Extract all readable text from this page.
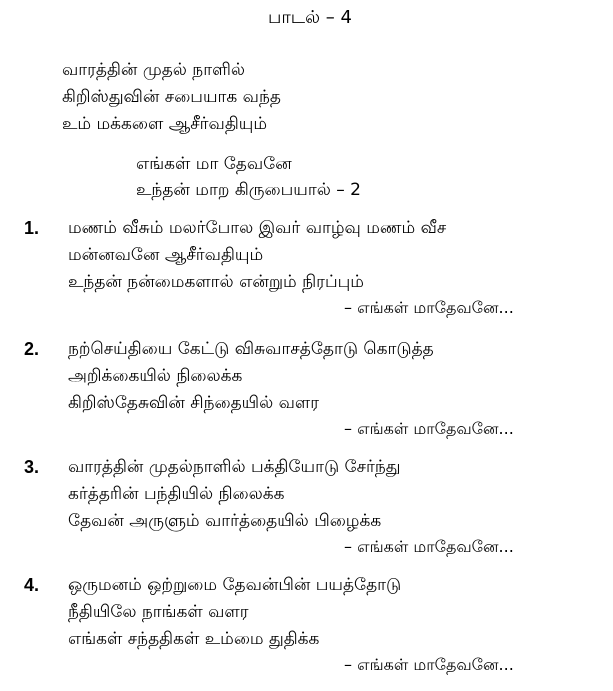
பாடல் – 4
வாரத்தின் முதல் நாளில்
கிறிஸ்துவின் சபையாக வந்த
உம் மக்களை ஆசீர்வதியும்
எங்கள் மா தேவனே
உந்தன் மாற கிருபையால் – 2
1. மணம் வீசும் மலர்போல இவர் வாழ்வு மணம் வீச
மன்னவனே ஆசீர்வதியும்
உந்தன் நன்மைகளால் என்றும் நிரப்பும்
– எங்கள் மாதேவனே...
2. நற்செய்தியை கேட்டு விசுவாசத்தோடு கொடுத்த
அறிக்கையில் நிலைக்க
கிறிஸ்தேசுவின் சிந்தையில் வளர
– எங்கள் மாதேவனே...
3. வாரத்தின் முதல்நாளில் பக்தியோடு சேர்ந்து
கர்த்தரின் பந்தியில் நிலைக்க
தேவன் அருளும் வார்த்தையில் பிழைக்க
– எங்கள் மாதேவனே...
4. ஒருமனம் ஒற்றுமை தேவன்பின் பயத்தோடு
நீதியிலே நாங்கள் வளர
எங்கள் சந்ததிகள் உம்மை துதிக்க
– எங்கள் மாதேவனே...
